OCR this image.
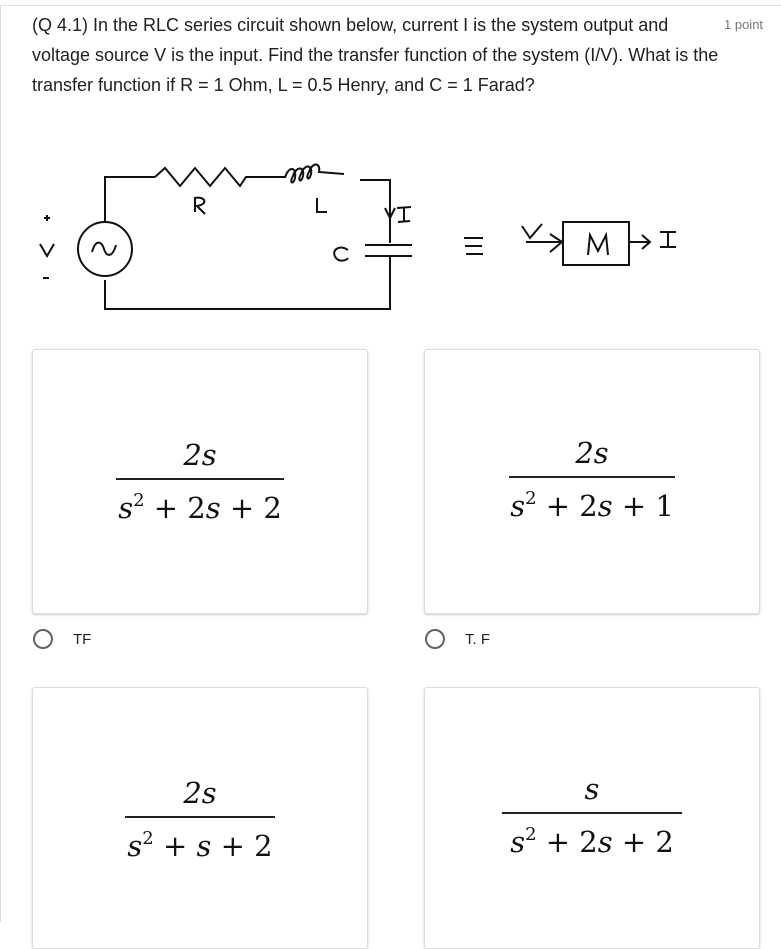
(Q 4.1) In the RLC series circuit shown below, current I is the system output and voltage source V is the input. Find the transfer function of the system (I/V). What is the transfer function if R = 1 Ohm, L = 0.5 Henry, and C = 1 Farad?
1 point
2s
$s^2 + 2s + 2$
TF
2s
$s^2 + 2s + 1$
T. F
2s
$s^2 + s + 2$
s
$s^2 + 2s + 2$
